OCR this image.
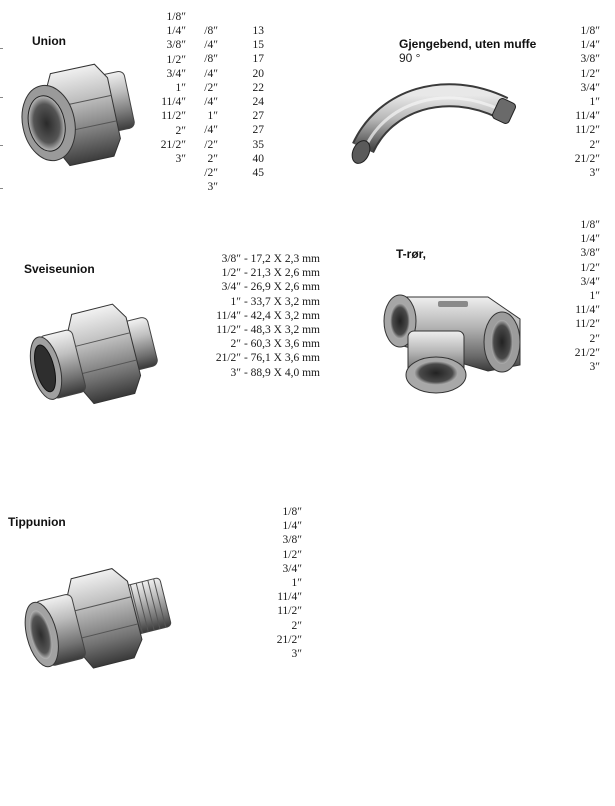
Union
1/8″
1/4″
3/8″
1/2″
3/4″
1″
11/4″
11/2″
2″
21/2″
3″
/8″
/4″
/8″
/4″
/2″
/4″
1″
/4″
/2″
2″
/2″
3″
13
15
17
20
22
24
27
27
35
40
45
Gjengebend, uten muffe
90 °
1/8″
1/4″
3/8″
1/2″
3/4″
1″
11/4″
11/2″
2″
21/2″
3″
Sveiseunion
3/8″ - 17,2 X 2,3 mm
1/2″ - 21,3 X 2,6 mm
3/4″ - 26,9 X 2,6 mm
1″ - 33,7 X 3,2 mm
11/4″ - 42,4 X 3,2 mm
11/2″ - 48,3 X 3,2 mm
2″ - 60,3 X 3,6 mm
21/2″ - 76,1 X 3,6 mm
3″ - 88,9 X 4,0 mm
T-rør,
1/8″
1/4″
3/8″
1/2″
3/4″
1″
11/4″
11/2″
2″
21/2″
3″
Tippunion
1/8″
1/4″
3/8″
1/2″
3/4″
1″
11/4″
11/2″
2″
21/2″
3″
